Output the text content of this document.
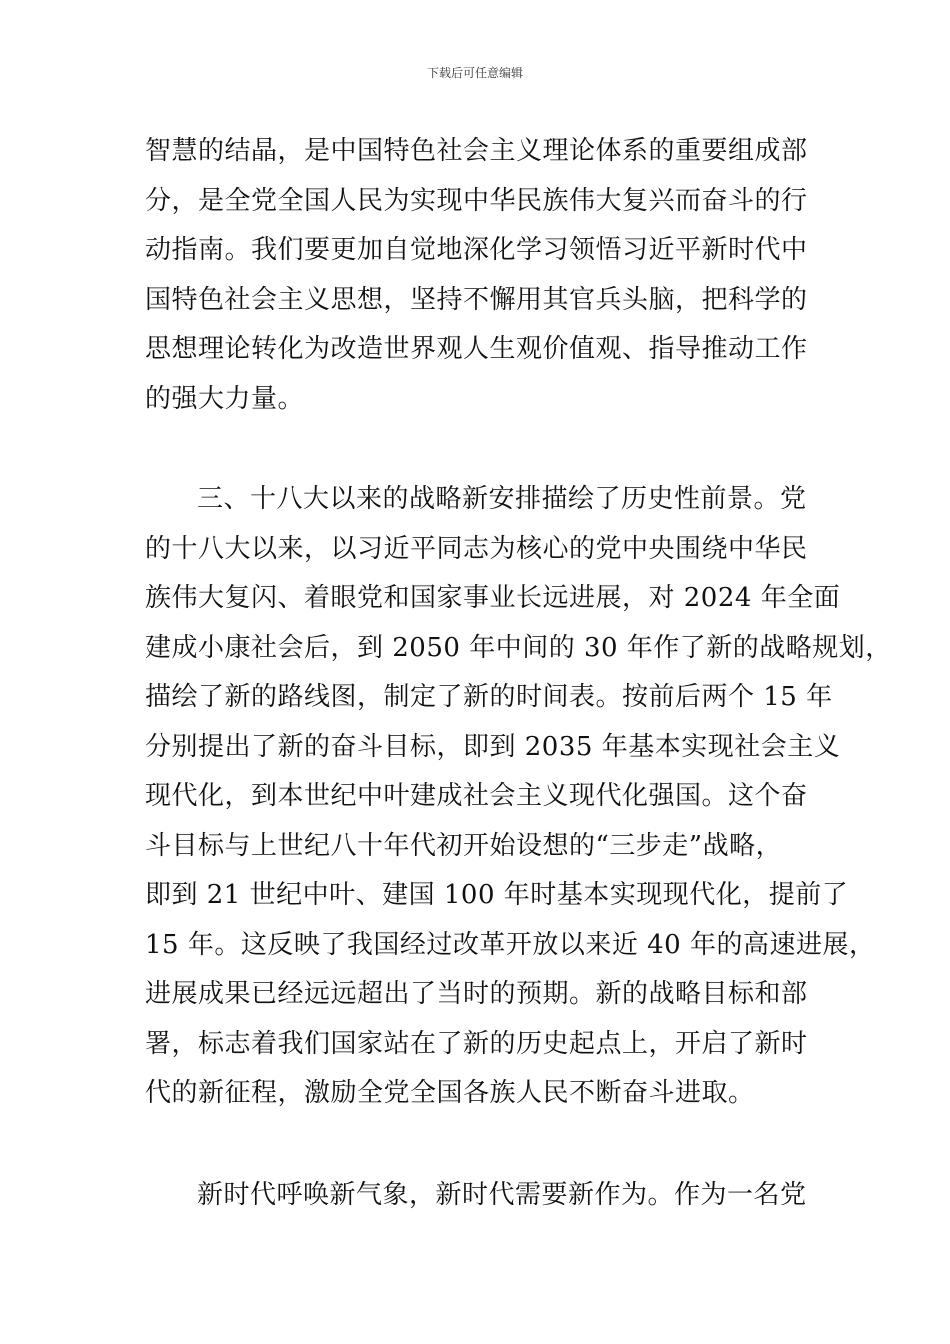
下载后可任意编辑
智慧的结晶，是中国特色社会主义理论体系的重要组成部
分，是全党全国人民为实现中华民族伟大复兴而奋斗的行
动指南。我们要更加自觉地深化学习领悟习近平新时代中
国特色社会主义思想，坚持不懈用其官兵头脑，把科学的
思想理论转化为改造世界观人生观价值观、指导推动工作
的强大力量。
三、十八大以来的战略新安排描绘了历史性前景。党
的十八大以来，以习近平同志为核心的党中央围绕中华民
族伟大复闪、着眼党和国家事业长远进展，对 2024 年全面
建成小康社会后，到 2050 年中间的 30 年作了新的战略规划，
描绘了新的路线图，制定了新的时间表。按前后两个 15 年
分别提出了新的奋斗目标，即到 2035 年基本实现社会主义
现代化，到本世纪中叶建成社会主义现代化强国。这个奋
斗目标与上世纪八十年代初开始设想的“三步走”战略，
即到 21 世纪中叶、建国 100 年时基本实现现代化，提前了
15 年。这反映了我国经过改革开放以来近 40 年的高速进展，
进展成果已经远远超出了当时的预期。新的战略目标和部
署，标志着我们国家站在了新的历史起点上，开启了新时
代的新征程，激励全党全国各族人民不断奋斗进取。
新时代呼唤新气象，新时代需要新作为。作为一名党
